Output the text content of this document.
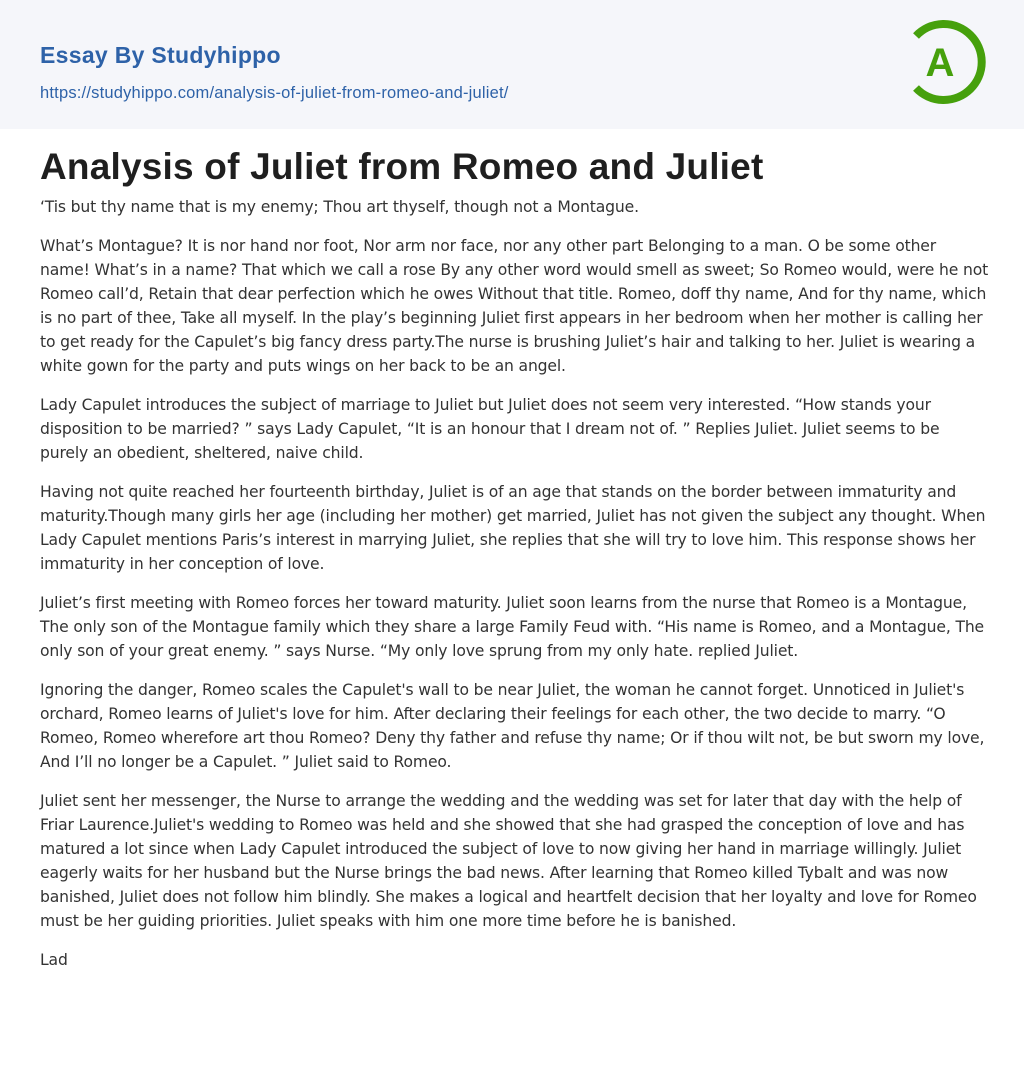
Essay By Studyhippo
https://studyhippo.com/analysis-of-juliet-from-romeo-and-juliet/
A
Analysis of Juliet from Romeo and Juliet

‘Tis but thy name that is my enemy; Thou art thyself, though not a Montague.

What’s Montague? It is nor hand nor foot, Nor arm nor face, nor any other part Belonging to a man. O be some other name! What’s in a name? That which we call a rose By any other word would smell as sweet; So Romeo would, were he not Romeo call’d, Retain that dear perfection which he owes Without that title. Romeo, doff thy name, And for thy name, which is no part of thee, Take all myself. In the play’s beginning Juliet first appears in her bedroom when her mother is calling her to get ready for the Capulet’s big fancy dress party.The nurse is brushing Juliet’s hair and talking to her. Juliet is wearing a white gown for the party and puts wings on her back to be an angel.

Lady Capulet introduces the subject of marriage to Juliet but Juliet does not seem very interested. “How stands your disposition to be married? ” says Lady Capulet, “It is an honour that I dream not of. ” Replies Juliet. Juliet seems to be purely an obedient, sheltered, naive child.

Having not quite reached her fourteenth birthday, Juliet is of an age that stands on the border between immaturity and maturity.Though many girls her age (including her mother) get married, Juliet has not given the subject any thought. When Lady Capulet mentions Paris’s interest in marrying Juliet, she replies that she will try to love him. This response shows her immaturity in her conception of love.

Juliet’s first meeting with Romeo forces her toward maturity. Juliet soon learns from the nurse that Romeo is a Montague, The only son of the Montague family which they share a large Family Feud with. “His name is Romeo, and a Montague, The only son of your great enemy. ” says Nurse. “My only love sprung from my only hate. replied Juliet.

Ignoring the danger, Romeo scales the Capulet's wall to be near Juliet, the woman he cannot forget. Unnoticed in Juliet's orchard, Romeo learns of Juliet's love for him. After declaring their feelings for each other, the two decide to marry. “O Romeo, Romeo wherefore art thou Romeo? Deny thy father and refuse thy name; Or if thou wilt not, be but sworn my love, And I’ll no longer be a Capulet. ” Juliet said to Romeo.

Juliet sent her messenger, the Nurse to arrange the wedding and the wedding was set for later that day with the help of Friar Laurence.Juliet's wedding to Romeo was held and she showed that she had grasped the conception of love and has matured a lot since when Lady Capulet introduced the subject of love to now giving her hand in marriage willingly. Juliet eagerly waits for her husband but the Nurse brings the bad news. After learning that Romeo killed Tybalt and was now banished, Juliet does not follow him blindly. She makes a logical and heartfelt decision that her loyalty and love for Romeo must be her guiding priorities. Juliet speaks with him one more time before he is banished.

Lad
